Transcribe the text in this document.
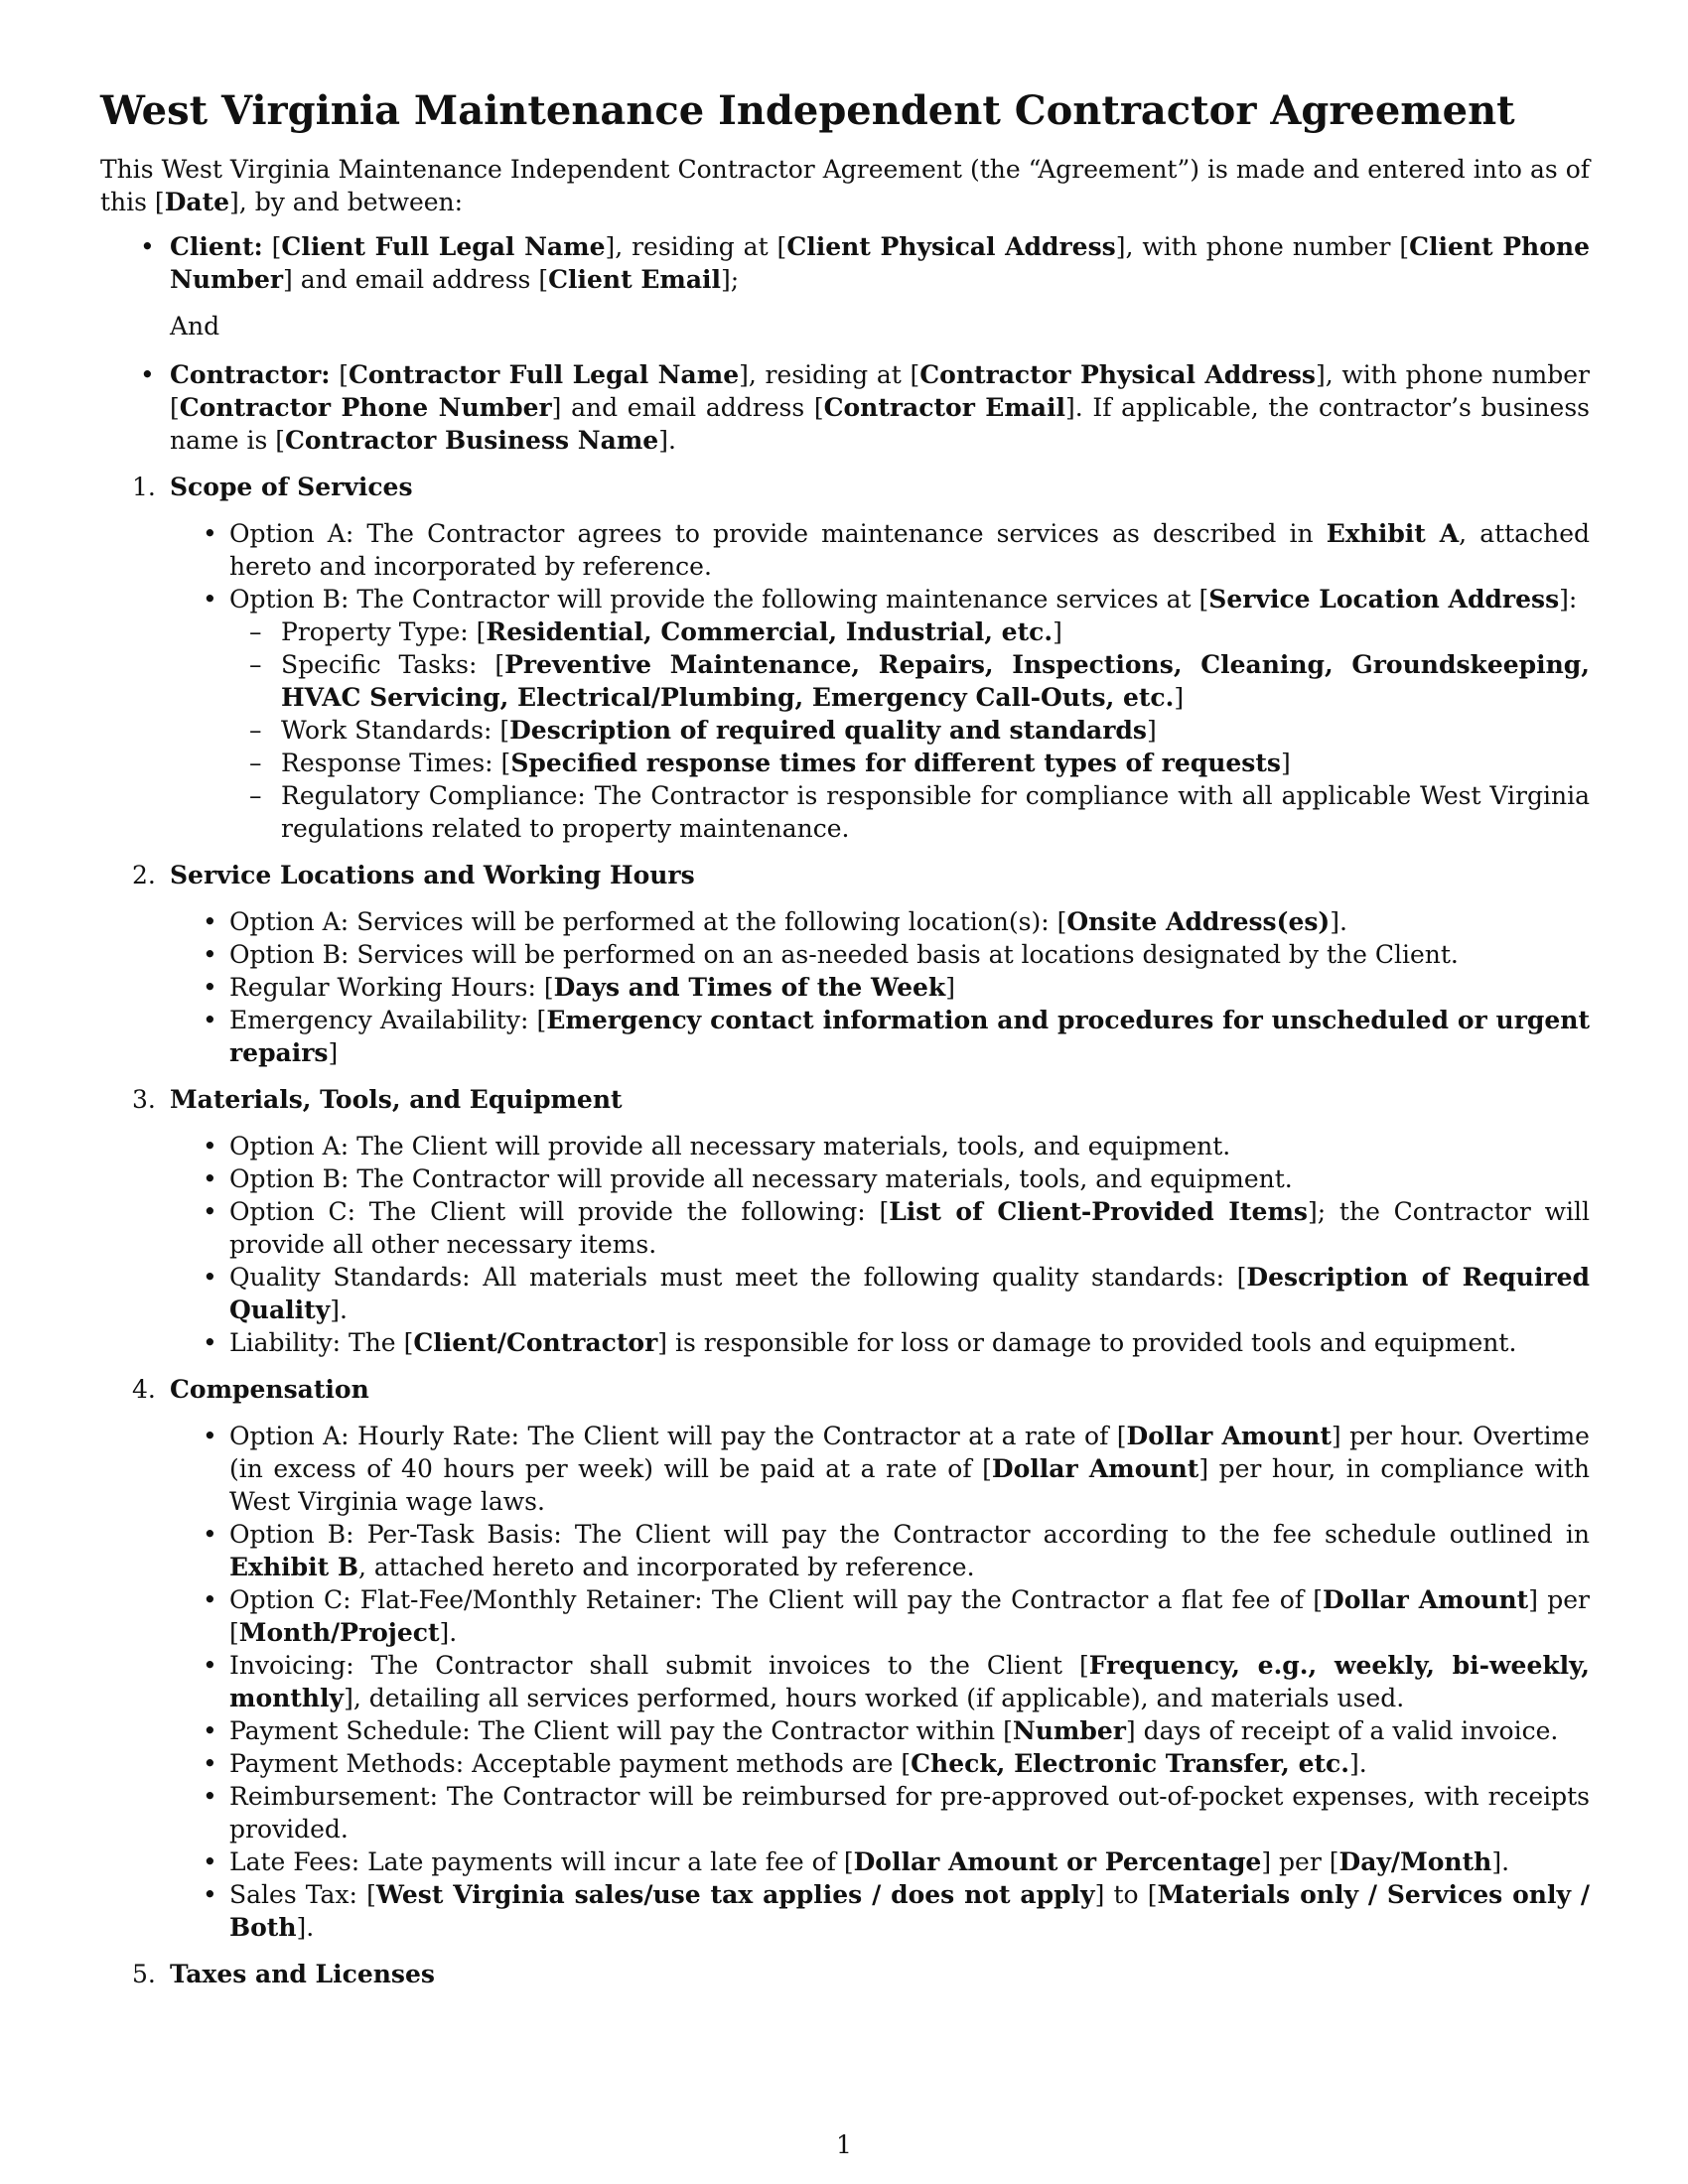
West Virginia Maintenance Independent Contractor Agreement

This West Virginia Maintenance Independent Contractor Agreement (the “Agreement”) is made and entered into as of this [Date], by and between:

• Client: [Client Full Legal Name], residing at [Client Physical Address], with phone number [Client Phone Number] and email address [Client Email];

And

• Contractor: [Contractor Full Legal Name], residing at [Contractor Physical Address], with phone number [Contractor Phone Number] and email address [Contractor Email]. If applicable, the contractor’s business name is [Contractor Business Name].
1. Scope of Services
• Option A: The Contractor agrees to provide maintenance services as described in Exhibit A, attached hereto and incorporated by reference.
• Option B: The Contractor will provide the following maintenance services at [Service Location Address]:
– Property Type: [Residential, Commercial, Industrial, etc.]
– Specific Tasks: [Preventive Maintenance, Repairs, Inspections, Cleaning, Groundskeeping, HVAC Servicing, Electrical/Plumbing, Emergency Call-Outs, etc.]
– Work Standards: [Description of required quality and standards]
– Response Times: [Specified response times for different types of requests]
– Regulatory Compliance: The Contractor is responsible for compliance with all applicable West Virginia regulations related to property maintenance.
2. Service Locations and Working Hours
• Option A: Services will be performed at the following location(s): [Onsite Address(es)].
• Option B: Services will be performed on an as-needed basis at locations designated by the Client.
• Regular Working Hours: [Days and Times of the Week]
• Emergency Availability: [Emergency contact information and procedures for unscheduled or urgent repairs]
3. Materials, Tools, and Equipment
• Option A: The Client will provide all necessary materials, tools, and equipment.
• Option B: The Contractor will provide all necessary materials, tools, and equipment.
• Option C: The Client will provide the following: [List of Client-Provided Items]; the Contractor will provide all other necessary items.
• Quality Standards: All materials must meet the following quality standards: [Description of Required Quality].
• Liability: The [Client/Contractor] is responsible for loss or damage to provided tools and equipment.
4. Compensation
• Option A: Hourly Rate: The Client will pay the Contractor at a rate of [Dollar Amount] per hour. Overtime (in excess of 40 hours per week) will be paid at a rate of [Dollar Amount] per hour, in compliance with West Virginia wage laws.
• Option B: Per-Task Basis: The Client will pay the Contractor according to the fee schedule outlined in Exhibit B, attached hereto and incorporated by reference.
• Option C: Flat-Fee/Monthly Retainer: The Client will pay the Contractor a flat fee of [Dollar Amount] per [Month/Project].
• Invoicing: The Contractor shall submit invoices to the Client [Frequency, e.g., weekly, bi-weekly, monthly], detailing all services performed, hours worked (if applicable), and materials used.
• Payment Schedule: The Client will pay the Contractor within [Number] days of receipt of a valid invoice.
• Payment Methods: Acceptable payment methods are [Check, Electronic Transfer, etc.].
• Reimbursement: The Contractor will be reimbursed for pre-approved out-of-pocket expenses, with receipts provided.
• Late Fees: Late payments will incur a late fee of [Dollar Amount or Percentage] per [Day/Month].
• Sales Tax: [West Virginia sales/use tax applies / does not apply] to [Materials only / Services only / Both].
5. Taxes and Licenses
1
